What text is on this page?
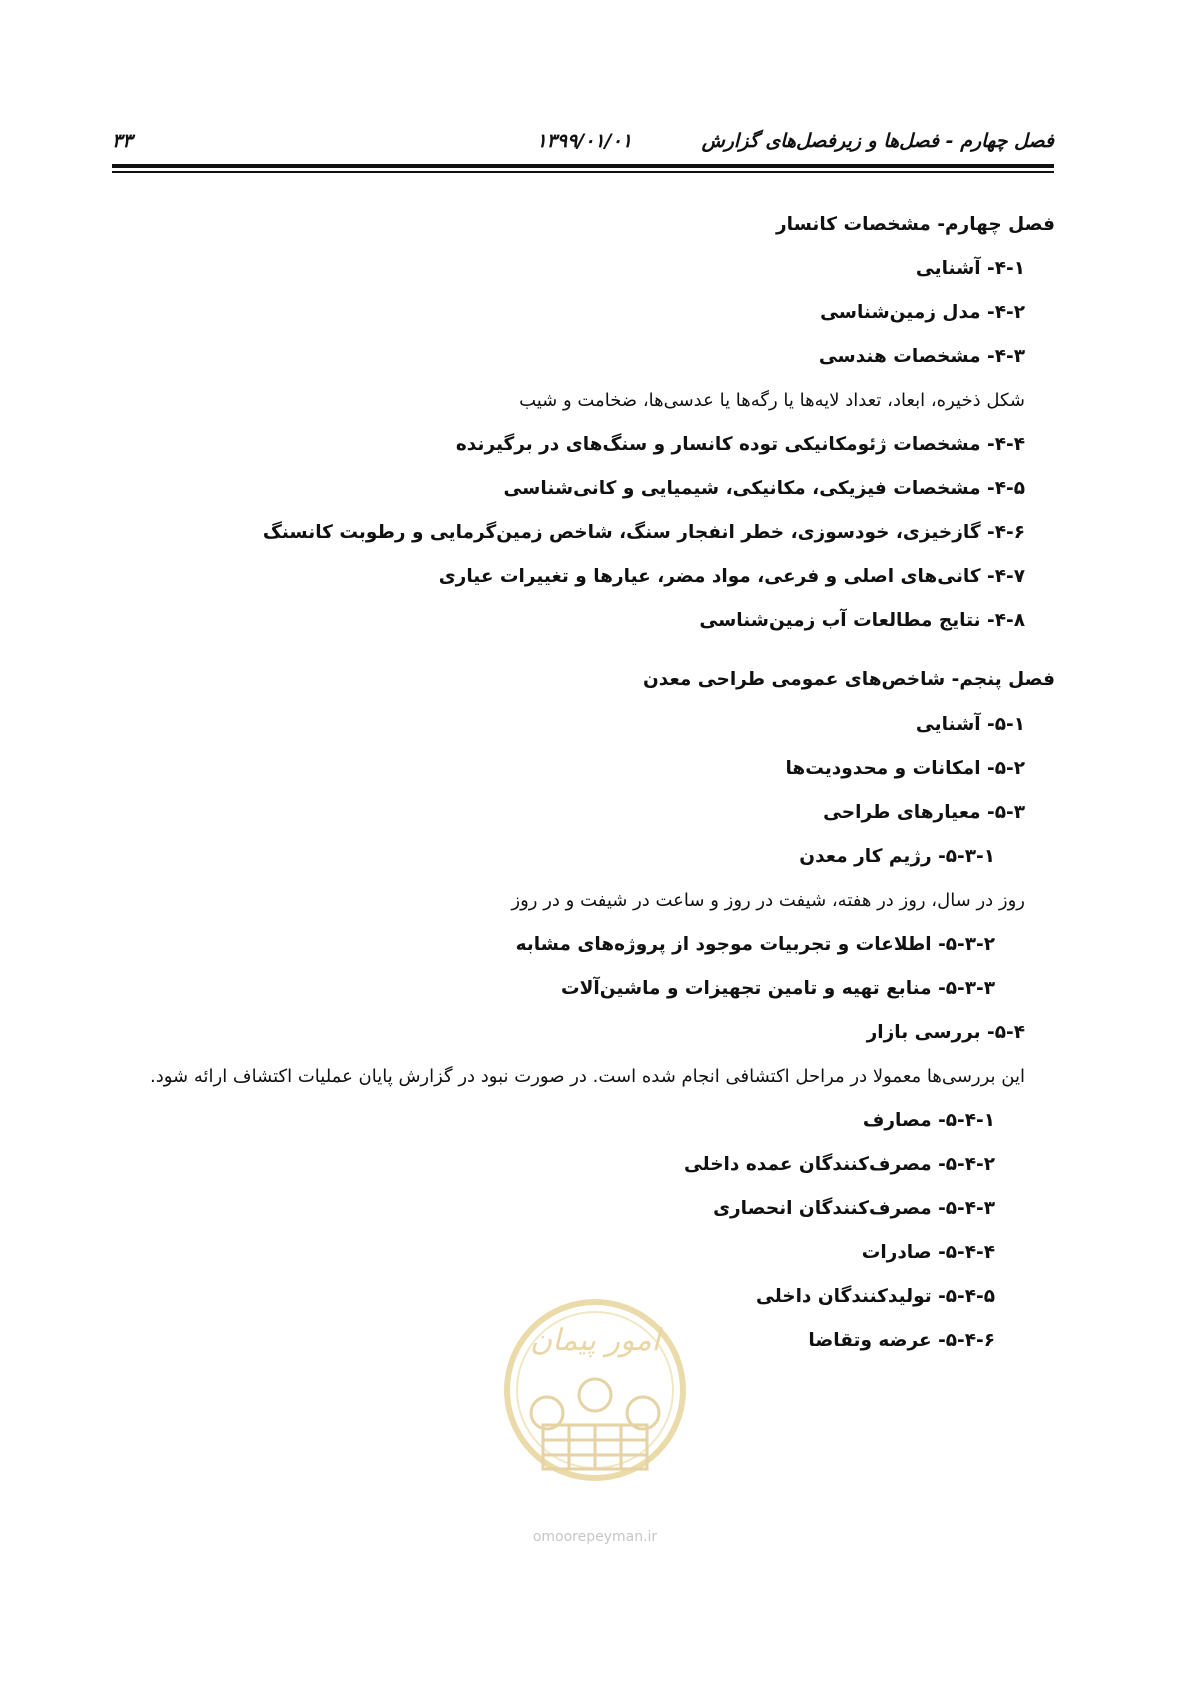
فصل چهارم - فصل‌ها و زیرفصل‌های گزارش
۱۳۹۹/۰۱/۰۱
۳۳
فصل چهارم- مشخصات کانسار
۴-۱- آشنایی
۴-۲- مدل زمین‌شناسی
۴-۳- مشخصات هندسی
شکل ذخیره، ابعاد، تعداد لایه‌ها یا رگه‌ها یا عدسی‌ها، ضخامت و شیب
۴-۴- مشخصات ژئومکانیکی توده کانسار و سنگ‌های در برگیرنده
۴-۵- مشخصات فیزیکی، مکانیکی، شیمیایی و کانی‌شناسی
۴-۶- گازخیزی، خودسوزی، خطر انفجار سنگ، شاخص زمین‌گرمایی و رطوبت کانسنگ
۴-۷- کانی‌های اصلی و فرعی، مواد مضر، عیارها و تغییرات عیاری
۴-۸- نتایج مطالعات آب زمین‌شناسی
فصل پنجم- شاخص‌های عمومی طراحی معدن
۵-۱- آشنایی
۵-۲- امکانات و محدودیت‌ها
۵-۳- معیارهای طراحی
۵-۳-۱- رژیم کار معدن
روز در سال، روز در هفته، شیفت در روز و ساعت در شیفت و در روز
۵-۳-۲- اطلاعات و تجربیات موجود از پروژه‌های مشابه
۵-۳-۳- منابع تهیه و تامین تجهیزات و ماشین‌آلات
۵-۴- بررسی بازار
این بررسی‌ها معمولا در مراحل اکتشافی انجام شده است. در صورت نبود در گزارش پایان عملیات اکتشاف ارائه شود.
۵-۴-۱- مصارف
۵-۴-۲- مصرف‌کنندگان عمده داخلی
۵-۴-۳- مصرف‌کنندگان انحصاری
۵-۴-۴- صادرات
۵-۴-۵- تولیدکنندگان داخلی
۵-۴-۶- عرضه وتقاضا
امور پیمان
omoorepeyman.ir
